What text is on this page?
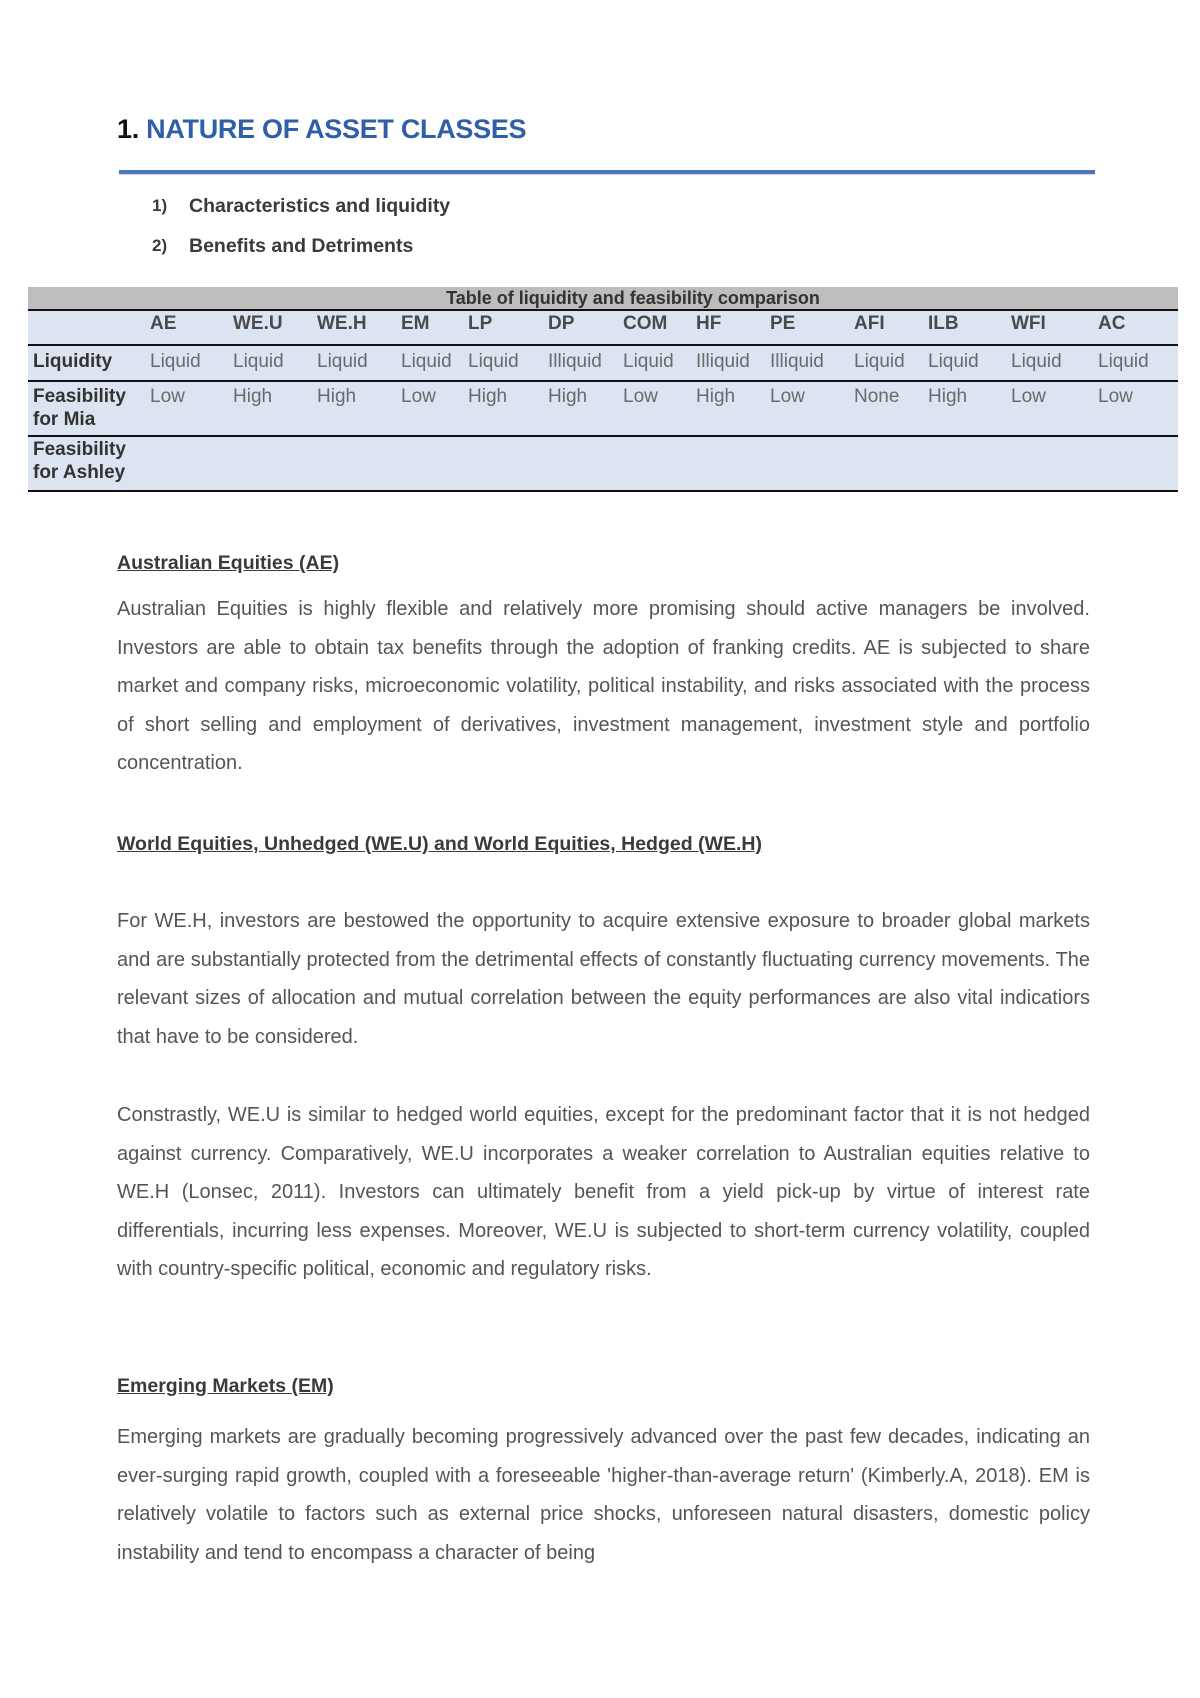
1. NATURE OF ASSET CLASSES
1)	Characteristics and liquidity
2)	Benefits and Detriments
Table of liquidity and feasibility comparison
	AE	WE.U	WE.H	EM	LP	DP	COM	HF	PE	AFI	ILB	WFI	AC
Liquidity	Liquid	Liquid	Liquid	Liquid	Liquid	Illiquid	Liquid	Illiquid	Illiquid	Liquid	Liquid	Liquid	Liquid
Feasibility for Mia	Low	High	High	Low	High	High	Low	High	Low	None	High	Low	Low
Feasibility for Ashley													
Australian Equities (AE)

Australian Equities is highly flexible and relatively more promising should active managers be involved. Investors are able to obtain tax benefits through the adoption of franking credits. AE is subjected to share market and company risks, microeconomic volatility, political instability, and risks associated with the process of short selling and employment of derivatives, investment management, investment style and portfolio concentration.

World Equities, Unhedged (WE.U) and World Equities, Hedged (WE.H)

For WE.H, investors are bestowed the opportunity to acquire extensive exposure to broader global markets and are substantially protected from the detrimental effects of constantly fluctuating currency movements. The relevant sizes of allocation and mutual correlation between the equity performances are also vital indicatiors that have to be considered.

Constrastly, WE.U is similar to hedged world equities, except for the predominant factor that it is not hedged against currency. Comparatively, WE.U incorporates a weaker correlation to Australian equities relative to WE.H (Lonsec, 2011). Investors can ultimately benefit from a yield pick-up by virtue of interest rate differentials, incurring less expenses. Moreover, WE.U is subjected to short-term currency volatility, coupled with country-specific political, economic and regulatory risks.

Emerging Markets (EM)

Emerging markets are gradually becoming progressively advanced over the past few decades, indicating an ever-surging rapid growth, coupled with a foreseeable 'higher-than-average return' (Kimberly.A, 2018). EM is relatively volatile to factors such as external price shocks, unforeseen natural disasters, domestic policy instability and tend to encompass a character of being
